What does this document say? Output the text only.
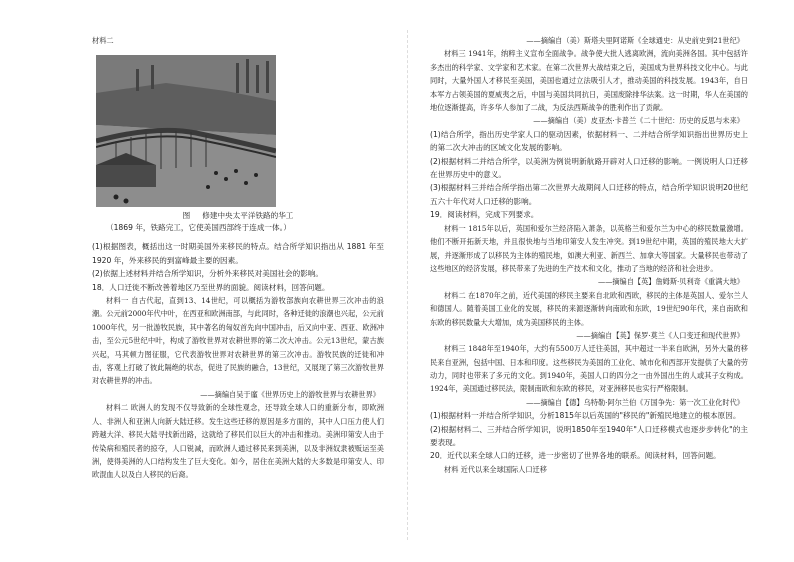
材料二
图 修建中央太平洋铁路的华工
（1869 年，铁路完工，它使美国西部终于连成一体。）
(1)根据图表，概括出这一时期美国外来移民的特点。结合所学知识指出从 1881 年至 1920 年，外来移民的到富峰最主要的因素。
(2)依据上述材料并结合所学知识，分析外来移民对美国社会的影响。
18．人口迁徙不断改善着地区乃至世界的面貌。阅读材料，回答问题。
材料一 自古代起，直到13、14世纪，可以概括为游牧部族向农耕世界三次冲击的浪潮。公元前2000年代中叶，在西亚和欧洲南部，与此同时，各种迁徙的浪潮也兴起，公元前1000年代，另一批游牧民族，其中著名的匈奴首先向中国冲击，后又向中亚、西亚、欧洲冲击，至公元5世纪中叶，构成了游牧世界对农耕世界的第二次大冲击。公元13世纪，蒙古族兴起，马其顿力图征服，它代表游牧世界对农耕世界的第三次冲击。游牧民族的迁徙和冲击，客观上打破了彼此隔绝的状态，促进了民族的融合，13世纪，又展现了第三次游牧世界对农耕世界的冲击。
——摘编自吴于廑《世界历史上的游牧世界与农耕世界》
材料二 欧洲人的发现不仅导致新的全球性观念，还导致全球人口的重新分布，即欧洲人、非洲人和亚洲人向新大陆迁移。发生这些迁移的原因是多方面的，其中人口压力使人们跨越大洋、移民大陆寻找新出路，这就给了移民们以巨大的冲击和推动。美洲印第安人由于传染病和殖民者的掠夺，人口锐减，而欧洲人通过移民来到美洲，以及非洲奴隶被贩运至美洲，使得美洲的人口结构发生了巨大变化。如今，居住在美洲大陆的大多数是印第安人、印欧混血人以及白人移民的后裔。
——摘编自（美）斯塔夫里阿诺斯《全球通史：从史前史到21世纪》
材料三 1941年，纳粹主义宣布全面战争。战争使大批人逃离欧洲，流向美洲各国。其中包括许多杰出的科学家、文学家和艺术家。在第二次世界大战结束之后，美国成为世界科技文化中心。与此同时，大量外国人才移民至美国，美国也通过立法吸引人才，推动美国的科技发展。1943年，自日本军方占领美国的夏威夷之后，中国与美国共同抗日，美国废除排华法案。这一时期，华人在美国的地位逐渐提高，许多华人参加了二战，为反法西斯战争的胜利作出了贡献。
——摘编自（美）皮亚杰·卡普兰《二十世纪：历史的反思与未来》
(1)结合所学，指出历史学家人口的驱动因素，依据材料一、二并结合所学知识指出世界历史上的第二次大冲击的区域文化发展的影响。
(2)根据材料二并结合所学，以美洲为例说明新航路开辟对人口迁移的影响。一例说明人口迁移在世界历史中的意义。
(3)根据材料三并结合所学指出第二次世界大战期间人口迁移的特点，结合所学知识说明20世纪五六十年代对人口迁移的影响。
19．阅读材料，完成下列要求。
材料一 1815年以后，英国和爱尔兰经济陷入萧条，以英格兰和爱尔兰为中心的移民数量激增。他们不断开拓新天地，并且很快地与当地印第安人发生冲突。到19世纪中期，英国的殖民地大大扩展，并逐渐形成了以移民为主体的殖民地，如澳大利亚、新西兰、加拿大等国家。大量移民也带动了这些地区的经济发展，移民带来了先进的生产技术和文化，推动了当地的经济和社会进步。
——摘编自【英】詹姆斯·贝利奇《重满大地》
材料二 在1870年之前，近代美国的移民主要来自北欧和西欧，移民的主体是英国人、爱尔兰人和德国人。随着美国工业化的发展，移民的来源逐渐转向南欧和东欧，19世纪90年代，来自南欧和东欧的移民数量大大增加，成为美国移民的主体。
——摘编自【英】保罗·莫兰《人口变迁和现代世界》
材料三 1848年至1940年，大约有5500万人迁往美国，其中超过一半来自欧洲，另外大量的移民来自亚洲，包括中国、日本和印度。这些移民为美国的工业化、城市化和西部开发提供了大量的劳动力，同时也带来了多元的文化。到1940年，美国人口的四分之一由外国出生的人或其子女构成。1924年，美国通过移民法，限制南欧和东欧的移民，对亚洲移民也实行严格限制。
——摘编自【德】乌特勒·阿尔兰伯《万国争先：第一次工业化时代》
(1)根据材料一并结合所学知识，分析1815年以后英国的"移民的"新殖民地建立的根本原因。
(2)根据材料二、三并结合所学知识，说明1850年至1940年"人口迁移模式也逐步步转化"的主要表现。
20．近代以来全球人口的迁移，进一步密切了世界各地的联系。阅读材料，回答问题。
材料 近代以来全球国际人口迁移
